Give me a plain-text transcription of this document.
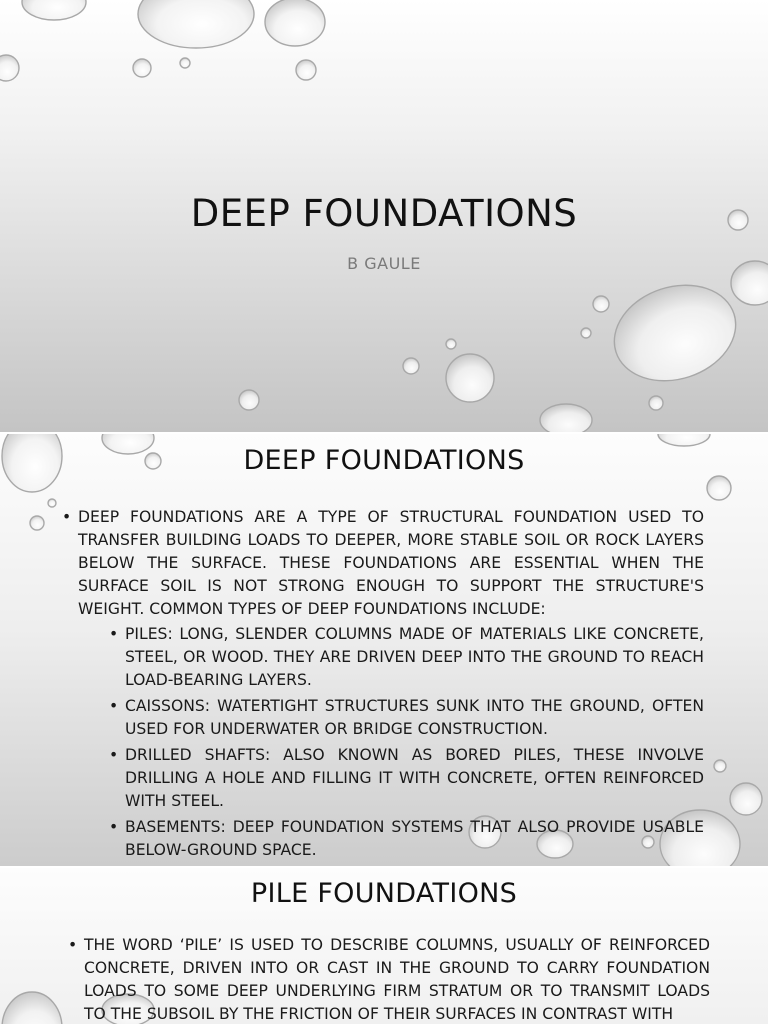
DEEP FOUNDATIONS
B GAULE
DEEP FOUNDATIONS
• DEEP FOUNDATIONS ARE A TYPE OF STRUCTURAL FOUNDATION USED TO TRANSFER BUILDING LOADS TO DEEPER, MORE STABLE SOIL OR ROCK LAYERS BELOW THE SURFACE. THESE FOUNDATIONS ARE ESSENTIAL WHEN THE SURFACE SOIL IS NOT STRONG ENOUGH TO SUPPORT THE STRUCTURE'S WEIGHT. COMMON TYPES OF DEEP FOUNDATIONS INCLUDE:
• PILES: LONG, SLENDER COLUMNS MADE OF MATERIALS LIKE CONCRETE, STEEL, OR WOOD. THEY ARE DRIVEN DEEP INTO THE GROUND TO REACH LOAD-BEARING LAYERS.
• CAISSONS: WATERTIGHT STRUCTURES SUNK INTO THE GROUND, OFTEN USED FOR UNDERWATER OR BRIDGE CONSTRUCTION.
• DRILLED SHAFTS: ALSO KNOWN AS BORED PILES, THESE INVOLVE DRILLING A HOLE AND FILLING IT WITH CONCRETE, OFTEN REINFORCED WITH STEEL.
• BASEMENTS: DEEP FOUNDATION SYSTEMS THAT ALSO PROVIDE USABLE BELOW-GROUND SPACE.
PILE FOUNDATIONS
• THE WORD ‘PILE’ IS USED TO DESCRIBE COLUMNS, USUALLY OF REINFORCED CONCRETE, DRIVEN INTO OR CAST IN THE GROUND TO CARRY FOUNDATION LOADS TO SOME DEEP UNDERLYING FIRM STRATUM OR TO TRANSMIT LOADS TO THE SUBSOIL BY THE FRICTION OF THEIR SURFACES IN CONTRAST WITH
